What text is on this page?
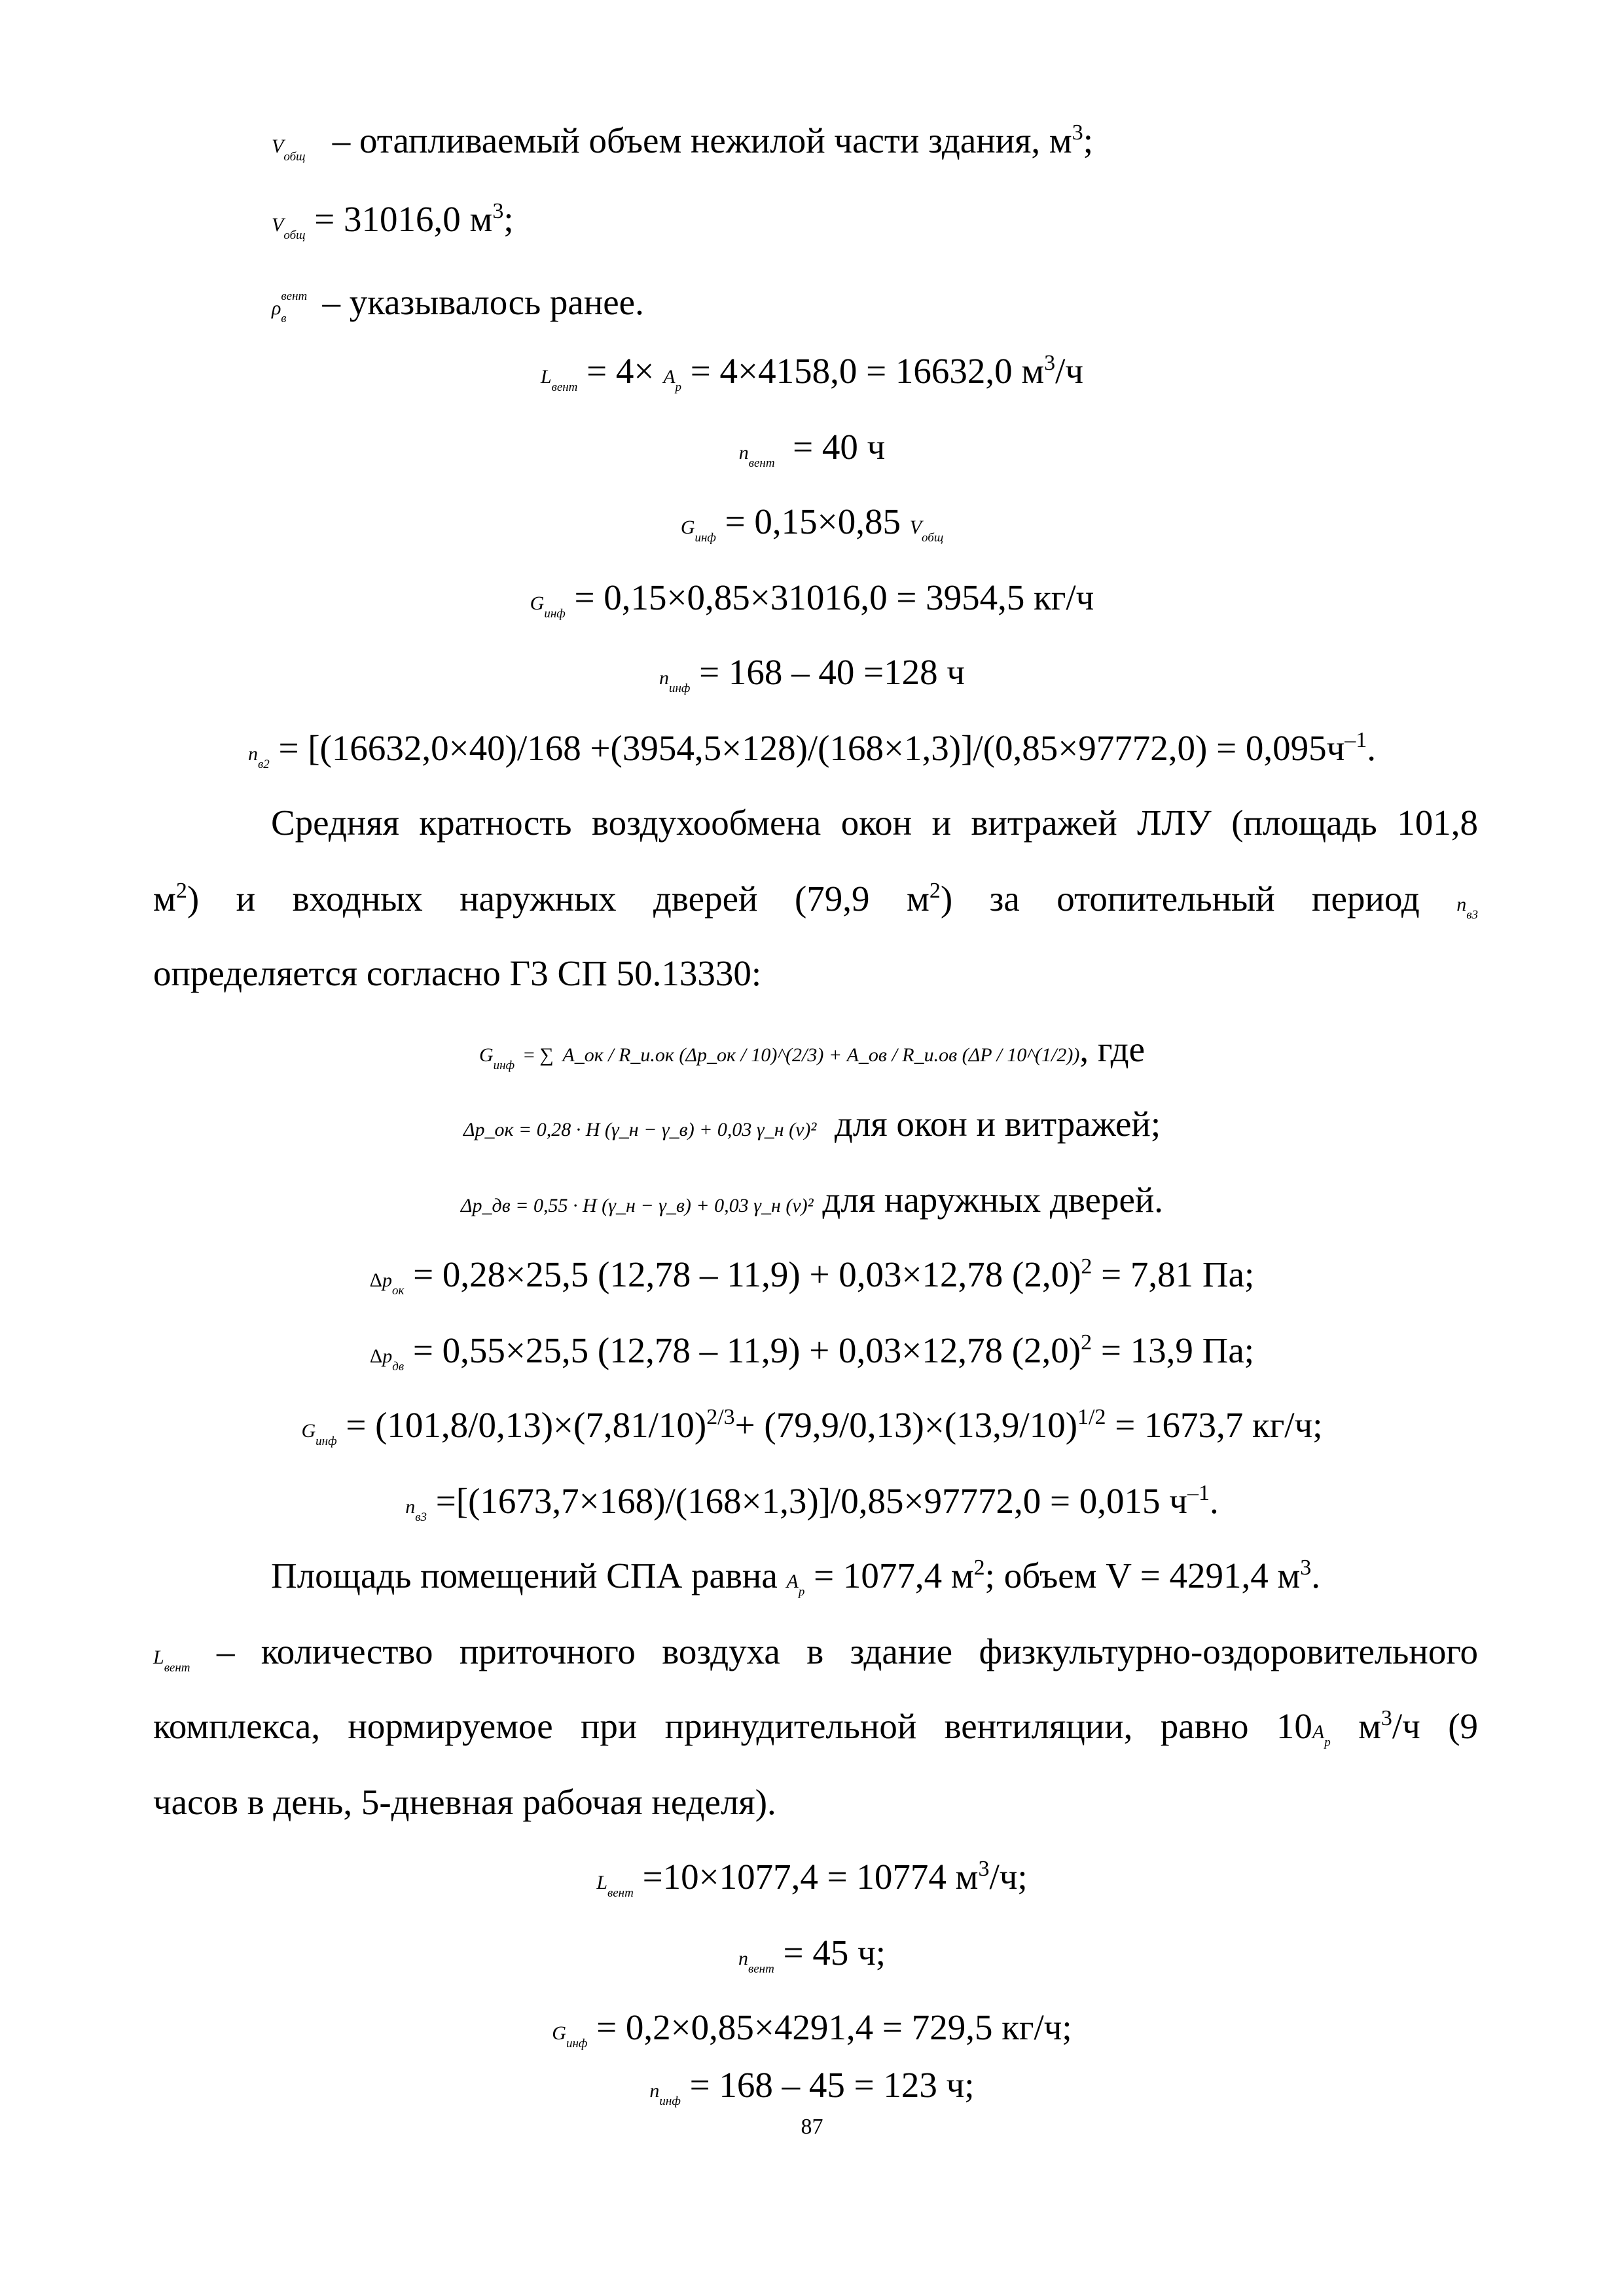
$V_{общ}$ – отапливаемый объем нежилой части здания, $м^3$;
$V_{общ} = 31016,0$ $м^3$;
$\rho^{вент}_в$ – указывалось ранее.
$L_{вент} = 4\times A_р = 4\times 4158,0 = 16632,0$ $м^3/ч$
$n_{вент} = 40$ ч
$G_{инф} = 0,15\times 0,85$ $V_{общ}$
$G_{инф} = 0,15\times 0,85\times 31016,0 = 3954,5$ кг/ч
$n_{инф} = 168 - 40 =128$ ч
$n_{в2} = [(16632,0\times 40)/168 +(3954,5\times 128)/(168\times 1,3)]/(0,85\times 97772,0) = 0,095ч^{-1}$.
Средняя кратность воздухообмена окон и витражей ЛЛУ (площадь 101,8
$м^2$) и входных наружных дверей (79,9 $м^2$) за отопительный период $n_{в3}$
определяется согласно Г3 СП 50.13330:
$G_{инф}$ = ∑ A_ок / R_и.ок (Δp_ок / 10)^(2/3) + A_ов / R_и.ов (ΔP / 10^(1/2)), где
Δp_ок = 0,28 · H (γ_н − γ_в) + 0,03 γ_н (v)² для окон и витражей;
Δp_дв = 0,55 · H (γ_н − γ_в) + 0,03 γ_н (v)² для наружных дверей.
$\Delta p_{ок} = 0,28\times 25,5$ (12,78 – 11,9) + 0,03×12,78 $(2,0)^2 = 7,81$ Па;
$\Delta p_{дв} = 0,55\times 25,5$ (12,78 – 11,9) + 0,03×12,78 $(2,0)^2 = 13,9$ Па;
$G_{инф} = (101,8/0,13)\times(7,81/10)^{2/3}+ (79,9/0,13)\times(13,9/10)^{1/2} = 1673,7$ кг/ч;
$n_{в3} =[(1673,7\times 168)/(168\times 1,3)]/0,85\times 97772,0 = 0,015$ $ч^{-1}$.
Площадь помещений СПА равна $A_р = 1077,4$ $м^2$; объем V = 4291,4 $м^3$.
$L_{вент}$ – количество приточного воздуха в здание физкультурно-оздоровительного
комплекса, нормируемое при принудительной вентиляции, равно $10A_р$ $м^3/ч$ (9
часов в день, 5-дневная рабочая неделя).
$L_{вент} =10\times 1077,4 = 10774$ $м^3/ч$;
$n_{вент} = 45$ ч;
$G_{инф} = 0,2\times 0,85\times 4291,4 = 729,5$ кг/ч;
$n_{инф} = 168 - 45 = 123$ ч;
87
